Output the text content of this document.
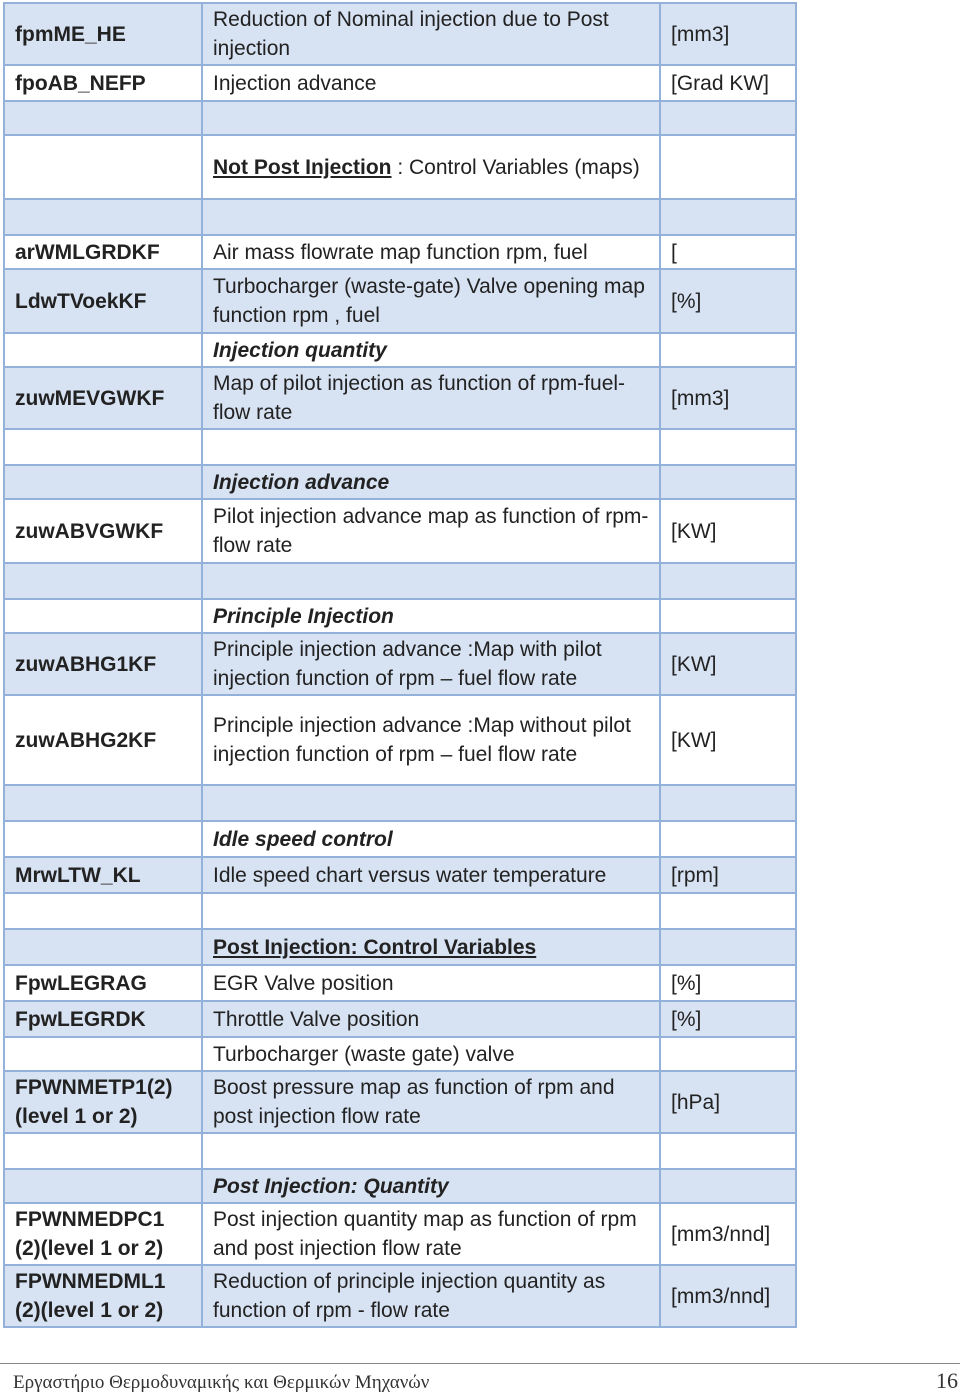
fpmME_HE	Reduction of Nominal injection due to Post injection	[mm3]
fpoAB_NEFP	Injection advance	[Grad KW]

	Not Post Injection : Control Variables (maps)	

arWMLGRDKF	Air mass flowrate map function rpm, fuel	[
LdwTVoekKF	Turbocharger (waste-gate) Valve opening map function rpm , fuel	[%]
	Injection quantity	
zuwMEVGWKF	Map of pilot injection as function of rpm-fuel-flow rate	[mm3]

	Injection advance	
zuwABVGWKF	Pilot injection advance map as function of rpm-flow rate	[KW]

	Principle Injection	
zuwABHG1KF	Principle injection advance :Map with pilot injection function of rpm – fuel flow rate	[KW]
zuwABHG2KF	Principle injection advance :Map without pilot injection function of rpm – fuel flow rate	[KW]

	Idle speed control	
MrwLTW_KL	Idle speed chart versus water temperature	[rpm]

	Post Injection: Control Variables	
FpwLEGRAG	EGR Valve position	[%]
FpwLEGRDK	Throttle Valve position	[%]
	Turbocharger (waste gate) valve	
FPWNMETP1(2) (level 1 or 2)	Boost pressure map as function of rpm and post injection flow rate	[hPa]

	Post Injection: Quantity	
FPWNMEDPC1 (2)(level 1 or 2)	Post injection quantity map as function of rpm and post injection flow rate	[mm3/nnd]
FPWNMEDML1 (2)(level 1 or 2)	Reduction of principle injection quantity as function of rpm - flow rate	[mm3/nnd]
Εργαστήριο Θερμοδυναμικής και Θερμικών Μηχανών	16
